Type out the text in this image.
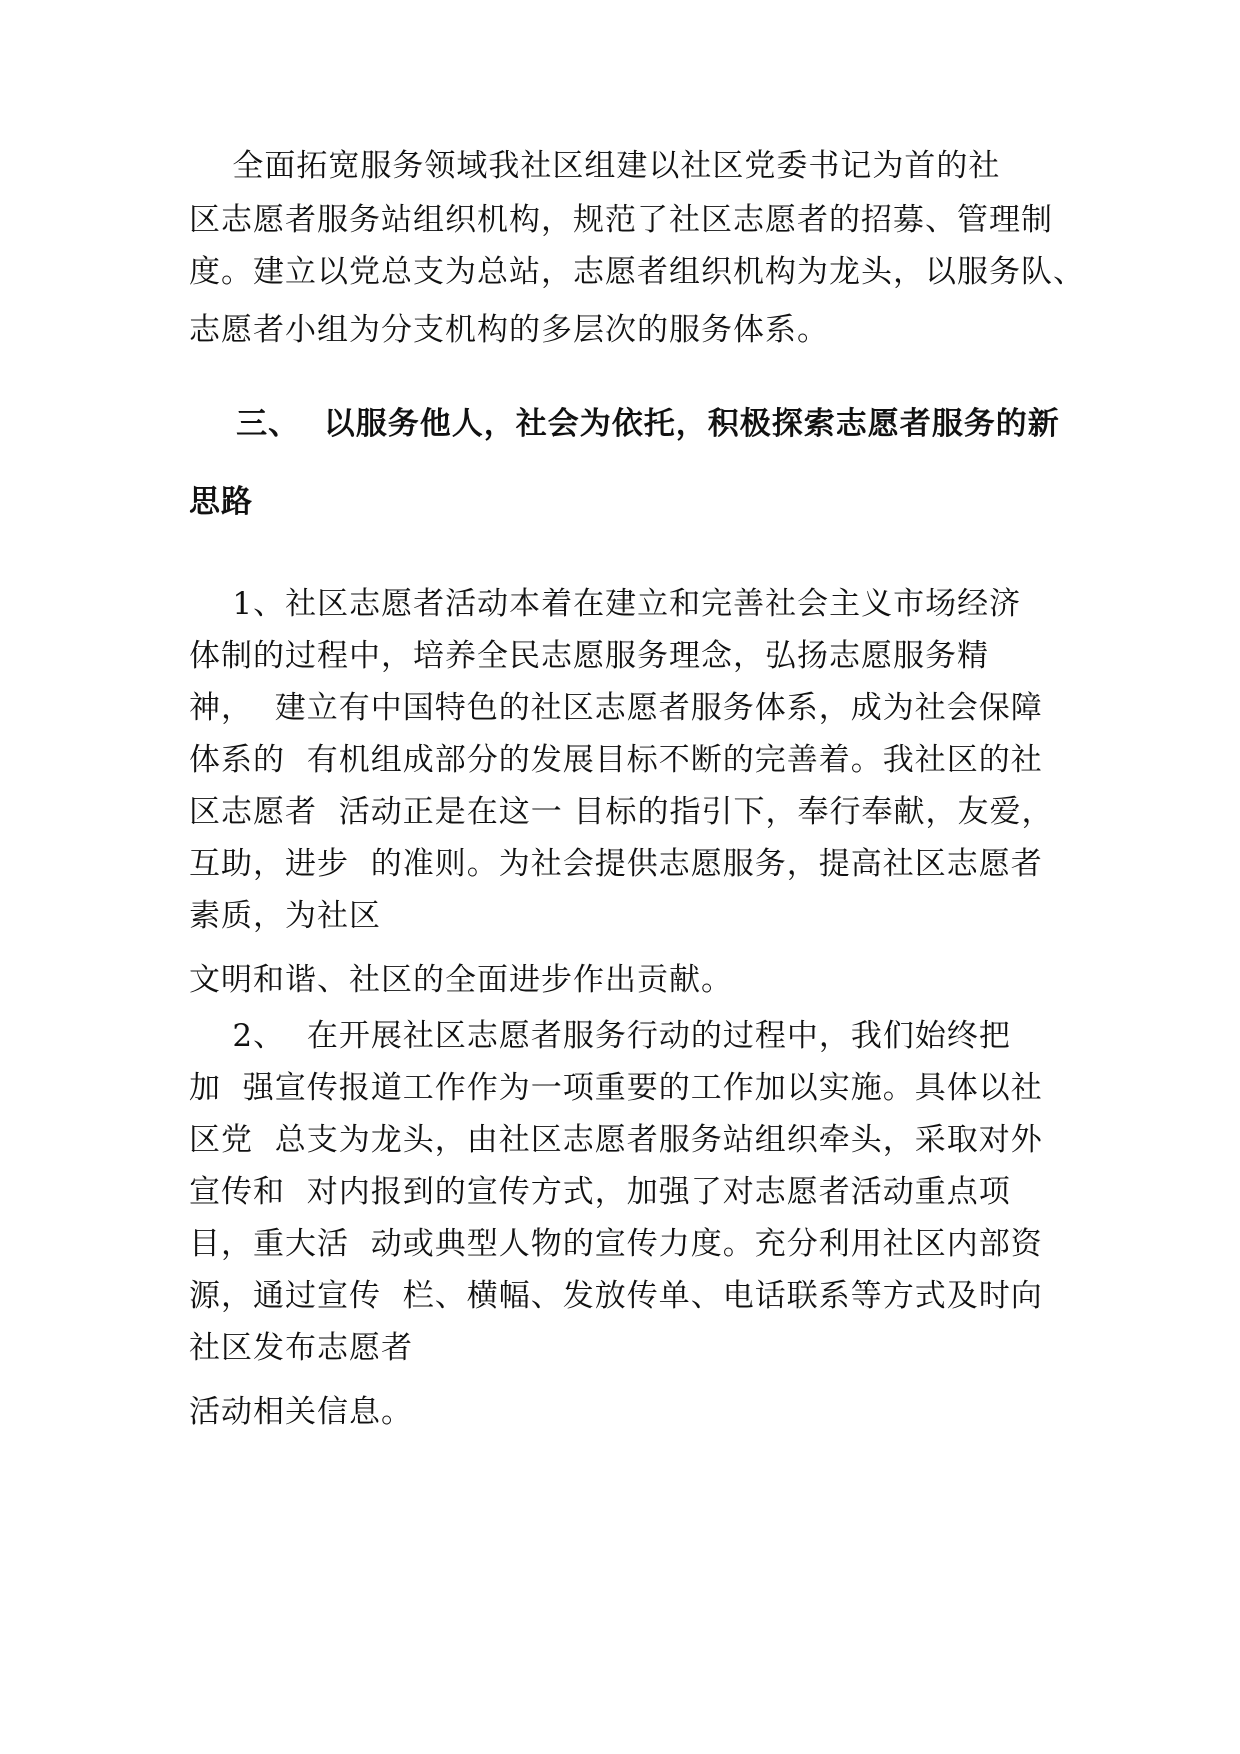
全面拓宽服务领域我社区组建以社区党委书记为首的社
区志愿者服务站组织机构，规范了社区志愿者的招募、管理制
度。建立以党总支为总站，志愿者组织机构为龙头，以服务队、
志愿者小组为分支机构的多层次的服务体系。
三、  以服务他人，社会为依托，积极探索志愿者服务的新
思路
1、社区志愿者活动本着在建立和完善社会主义市场经济
体制的过程中，培养全民志愿服务理念，弘扬志愿服务精
神，  建立有中国特色的社区志愿者服务体系，成为社会保障
体系的  有机组成部分的发展目标不断的完善着。我社区的社
区志愿者  活动正是在这一 目标的指引下，奉行奉献，友爱，
互助，进步  的准则。为社会提供志愿服务，提高社区志愿者
素质，为社区
文明和谐、社区的全面进步作出贡献。
2、  在开展社区志愿者服务行动的过程中，我们始终把
加  强宣传报道工作作为一项重要的工作加以实施。具体以社
区党  总支为龙头，由社区志愿者服务站组织牵头，采取对外
宣传和  对内报到的宣传方式，加强了对志愿者活动重点项
目，重大活  动或典型人物的宣传力度。充分利用社区内部资
源，通过宣传  栏、横幅、发放传单、电话联系等方式及时向
社区发布志愿者
活动相关信息。
